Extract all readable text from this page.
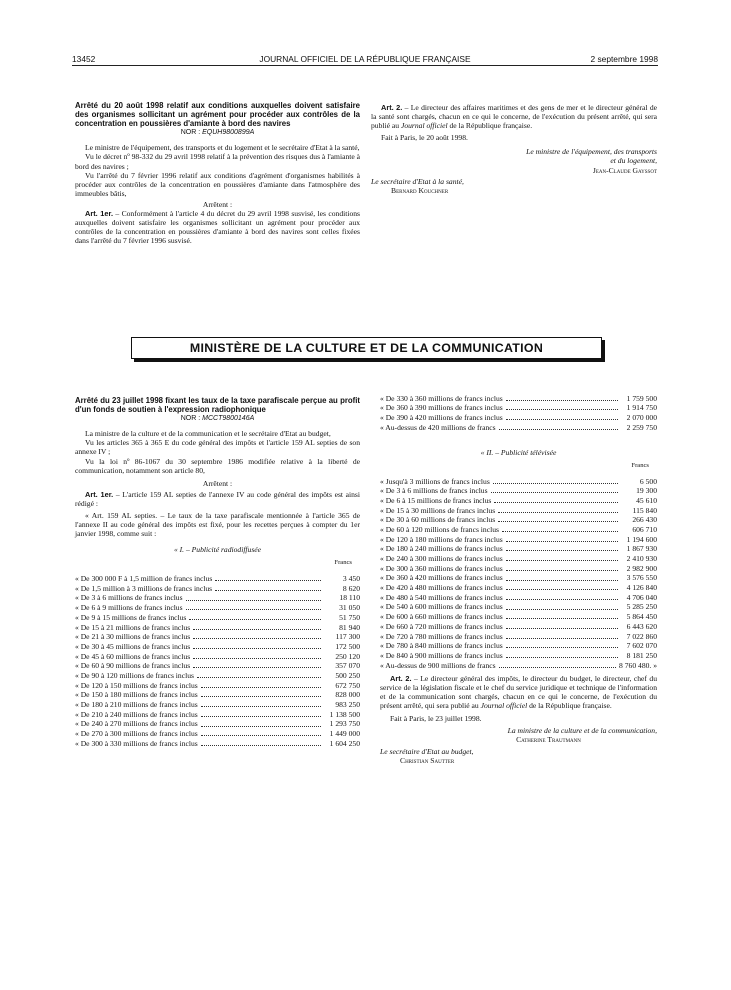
13452	JOURNAL OFFICIEL DE LA RÉPUBLIQUE FRANÇAISE	2 septembre 1998

Arrêté du 20 août 1998 relatif aux conditions auxquelles doivent satisfaire des organismes sollicitant un agrément pour procéder aux contrôles de la concentration en poussières d'amiante à bord des navires

NOR : EQUH9800899A

Le ministre de l'équipement, des transports et du logement et le secrétaire d'Etat à la santé,

Vu le décret nº 98-332 du 29 avril 1998 relatif à la prévention des risques dus à l'amiante à bord des navires ;

Vu l'arrêté du 7 février 1996 relatif aux conditions d'agrément d'organismes habilités à procéder aux contrôles de la concentration en poussières d'amiante dans l'atmosphère des immeubles bâtis,

Arrêtent :

Art. 1er. – Conformément à l'article 4 du décret du 29 avril 1998 susvisé, les conditions auxquelles doivent satisfaire les organismes sollicitant un agrément pour procéder aux contrôles de la concentration en poussières d'amiante à bord des navires sont celles fixées dans l'arrêté du 7 février 1996 susvisé.

Art. 2. – Le directeur des affaires maritimes et des gens de mer et le directeur général de la santé sont chargés, chacun en ce qui le concerne, de l'exécution du présent arrêté, qui sera publié au Journal officiel de la République française.

Fait à Paris, le 20 août 1998.

Le ministre de l'équipement, des transports et du logement,

Jean-Claude Gayssot

Le secrétaire d'Etat à la santé,

Bernard Kouchner

MINISTÈRE DE LA CULTURE ET DE LA COMMUNICATION

Arrêté du 23 juillet 1998 fixant les taux de la taxe parafiscale perçue au profit d'un fonds de soutien à l'expression radiophonique

NOR : MCCT9800146A

La ministre de la culture et de la communication et le secrétaire d'Etat au budget,

Vu les articles 365 à 365 E du code général des impôts et l'article 159 AL septies de son annexe IV ;

Vu la loi nº 86-1067 du 30 septembre 1986 modifiée relative à la liberté de communication, notamment son article 80,

Arrêtent :

Art. 1er. – L'article 159 AL septies de l'annexe IV au code général des impôts est ainsi rédigé :

« Art. 159 AL septies. – Le taux de la taxe parafiscale mentionnée à l'article 365 de l'annexe II au code général des impôts est fixé, pour les recettes perçues à compter du 1er janvier 1998, comme suit :

« I. – Publicité radiodiffusée

Francs

« De 300 000 F à 1,5 million de francs inclus	3 450
« De 1,5 million à 3 millions de francs inclus	8 620
« De 3 à 6 millions de francs inclus	18 110
« De 6 à 9 millions de francs inclus	31 050
« De 9 à 15 millions de francs inclus	51 750
« De 15 à 21 millions de francs inclus	81 940
« De 21 à 30 millions de francs inclus	117 300
« De 30 à 45 millions de francs inclus	172 500
« De 45 à 60 millions de francs inclus	250 120
« De 60 à 90 millions de francs inclus	357 070
« De 90 à 120 millions de francs inclus	500 250
« De 120 à 150 millions de francs inclus	672 750
« De 150 à 180 millions de francs inclus	828 000
« De 180 à 210 millions de francs inclus	983 250
« De 210 à 240 millions de francs inclus	1 138 500
« De 240 à 270 millions de francs inclus	1 293 750
« De 270 à 300 millions de francs inclus	1 449 000
« De 300 à 330 millions de francs inclus	1 604 250
« De 330 à 360 millions de francs inclus	1 759 500
« De 360 à 390 millions de francs inclus	1 914 750
« De 390 à 420 millions de francs inclus	2 070 000
« Au-dessus de 420 millions de francs	2 259 750

« II. – Publicité télévisée

Francs

« Jusqu'à 3 millions de francs inclus	6 500
« De 3 à 6 millions de francs inclus	19 300
« De 6 à 15 millions de francs inclus	45 610
« De 15 à 30 millions de francs inclus	115 840
« De 30 à 60 millions de francs inclus	266 430
« De 60 à 120 millions de francs inclus	606 710
« De 120 à 180 millions de francs inclus	1 194 600
« De 180 à 240 millions de francs inclus	1 867 930
« De 240 à 300 millions de francs inclus	2 410 930
« De 300 à 360 millions de francs inclus	2 982 900
« De 360 à 420 millions de francs inclus	3 576 550
« De 420 à 480 millions de francs inclus	4 126 840
« De 480 à 540 millions de francs inclus	4 706 040
« De 540 à 600 millions de francs inclus	5 285 250
« De 600 à 660 millions de francs inclus	5 864 450
« De 660 à 720 millions de francs inclus	6 443 620
« De 720 à 780 millions de francs inclus	7 022 860
« De 780 à 840 millions de francs inclus	7 602 070
« De 840 à 900 millions de francs inclus	8 181 250
« Au-dessus de 900 millions de francs	8 760 480. »

Art. 2. – Le directeur général des impôts, le directeur du budget, le directeur, chef du service de la législation fiscale et le chef du service juridique et technique de l'information et de la communication sont chargés, chacun en ce qui le concerne, de l'exécution du présent arrêté, qui sera publié au Journal officiel de la République française.

Fait à Paris, le 23 juillet 1998.

La ministre de la culture et de la communication,

Catherine Trautmann

Le secrétaire d'Etat au budget,

Christian Sautter
